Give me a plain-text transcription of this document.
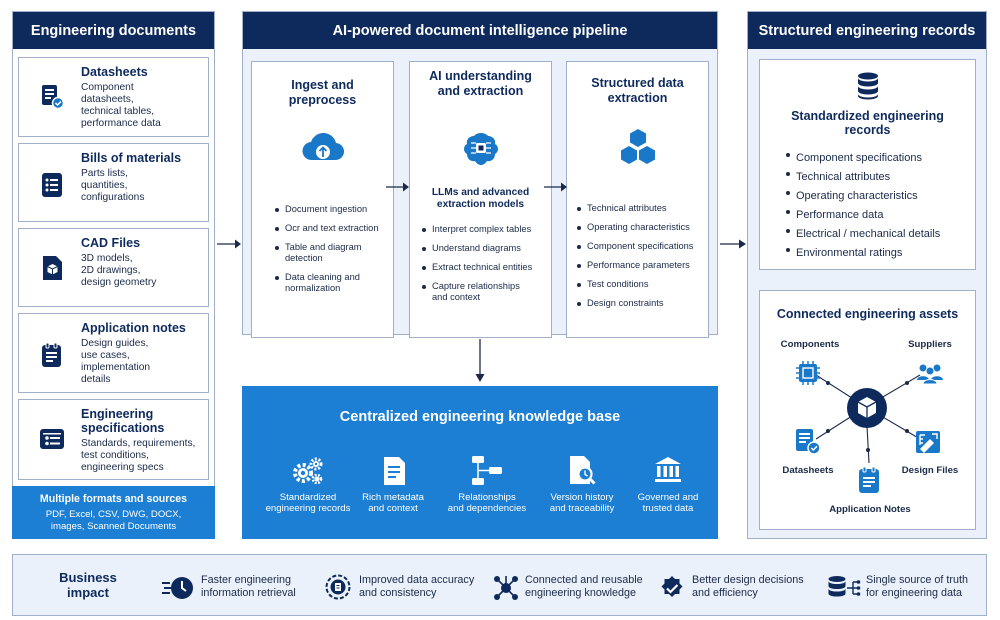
Engineering documents
Datasheets
Component
datasheets,
technical tables,
performance data
Bills of materials
Parts lists,
quantities,
configurations
CAD Files
3D models,
2D drawings,
design geometry
Application notes
Design guides,
use cases,
implementation
details
Engineering specifications
Standards, requirements,
test conditions,
engineering specs
Multiple formats and sources
PDF, Excel, CSV, DWG, DOCX,
images, Scanned Documents
AI-powered document intelligence pipeline
Ingest and preprocess
Document ingestion
Ocr and text extraction
Table and diagram
detection
Data cleaning and
normalization
AI understanding and extraction
LLMs and advanced
extraction models
Interpret complex tables
Understand diagrams
Extract technical entities
Capture relationships
and context
Structured data extraction
Technical attributes
Operating characteristics
Component specifications
Performance parameters
Test conditions
Design constraints
Centralized engineering knowledge base
Standardized
engineering records
Rich metadata
and context
Relationships
and dependencies
Version history
and traceability
Governed and
trusted data
Structured engineering records
Standardized engineering
records
Component specifications
Technical attributes
Operating characteristics
Performance data
Electrical / mechanical details
Environmental ratings
Connected engineering assets
Components	Suppliers
Datasheets	Design Files
Application Notes
Business
impact
Faster engineering
information retrieval
Improved data accuracy
and consistency
Connected and reusable
engineering knowledge
Better design decisions
and efficiency
Single source of truth
for engineering data
